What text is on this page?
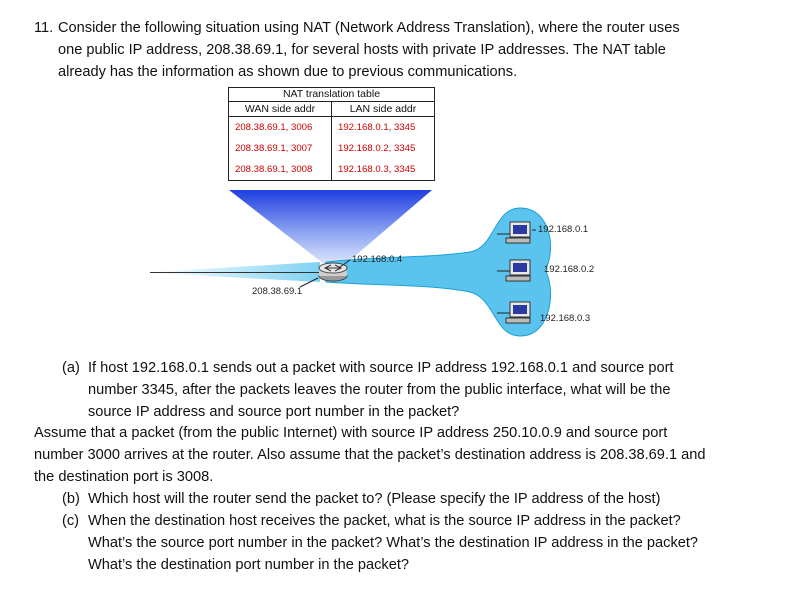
11. Consider the following situation using NAT (Network Address Translation), where the router uses
one public IP address, 208.38.69.1, for several hosts with private IP addresses. The NAT table
already has the information as shown due to previous communications.
NAT translation table
WAN side addr	LAN side addr
208.38.69.1, 3006	192.168.0.1, 3345
208.38.69.1, 3007	192.168.0.2, 3345
208.38.69.1, 3008	192.168.0.3, 3345
192.168.0.4
208.38.69.1
192.168.0.1
192.168.0.2
192.168.0.3
(a) If host 192.168.0.1 sends out a packet with source IP address 192.168.0.1 and source port
number 3345, after the packets leaves the router from the public interface, what will be the
source IP address and source port number in the packet?
Assume that a packet (from the public Internet) with source IP address 250.10.0.9 and source port
number 3000 arrives at the router. Also assume that the packet’s destination address is 208.38.69.1 and
the destination port is 3008.
(b) Which host will the router send the packet to? (Please specify the IP address of the host)
(c) When the destination host receives the packet, what is the source IP address in the packet?
What’s the source port number in the packet? What’s the destination IP address in the packet?
What’s the destination port number in the packet?
